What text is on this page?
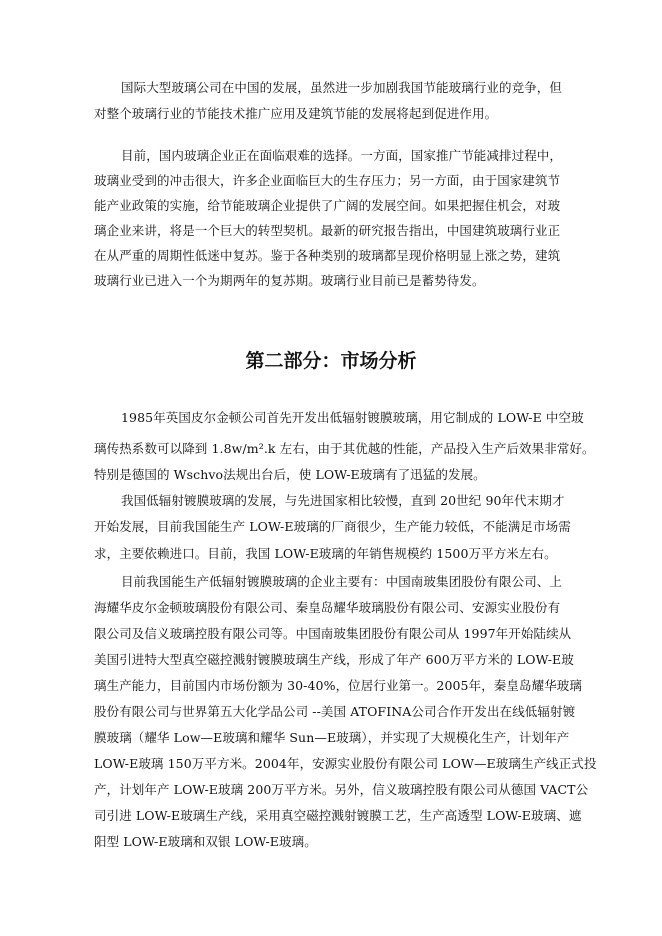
国际大型玻璃公司在中国的发展，虽然进一步加剧我国节能玻璃行业的竞争，但
对整个玻璃行业的节能技术推广应用及建筑节能的发展将起到促进作用。
目前，国内玻璃企业正在面临艰难的选择。一方面，国家推广节能减排过程中，
玻璃业受到的冲击很大，许多企业面临巨大的生存压力；另一方面，由于国家建筑节
能产业政策的实施，给节能玻璃企业提供了广阔的发展空间。如果把握住机会，对玻
璃企业来讲，将是一个巨大的转型契机。最新的研究报告指出，中国建筑玻璃行业正
在从严重的周期性低迷中复苏。鉴于各种类别的玻璃都呈现价格明显上涨之势，建筑
玻璃行业已进入一个为期两年的复苏期。玻璃行业目前已是蓄势待发。
第二部分：市场分析
1985年英国皮尔金顿公司首先开发出低辐射镀膜玻璃，用它制成的 LOW-E 中空玻
璃传热系数可以降到 1.8w/m².k 左右，由于其优越的性能，产品投入生产后效果非常好。
特别是德国的 Wschvo法规出台后，使 LOW-E玻璃有了迅猛的发展。
我国低辐射镀膜玻璃的发展，与先进国家相比较慢，直到 20世纪 90年代末期才
开始发展，目前我国能生产 LOW-E玻璃的厂商很少，生产能力较低，不能满足市场需
求，主要依赖进口。目前，我国 LOW-E玻璃的年销售规模约 1500万平方米左右。
目前我国能生产低辐射镀膜玻璃的企业主要有：中国南玻集团股份有限公司、上
海耀华皮尔金顿玻璃股份有限公司、秦皇岛耀华玻璃股份有限公司、安源实业股份有
限公司及信义玻璃控股有限公司等。中国南玻集团股份有限公司从 1997年开始陆续从
美国引进特大型真空磁控溅射镀膜玻璃生产线，形成了年产 600万平方米的 LOW-E玻
璃生产能力，目前国内市场份额为 30-40%，位居行业第一。2005年，秦皇岛耀华玻璃
股份有限公司与世界第五大化学品公司 --美国 ATOFINA公司合作开发出在线低辐射镀
膜玻璃（耀华 Low—E玻璃和耀华 Sun—E玻璃），并实现了大规模化生产，计划年产
LOW-E玻璃 150万平方米。2004年，安源实业股份有限公司 LOW—E玻璃生产线正式投
产，计划年产 LOW-E玻璃 200万平方米。另外，信义玻璃控股有限公司从德国 VACT公
司引进 LOW-E玻璃生产线，采用真空磁控溅射镀膜工艺，生产高透型 LOW-E玻璃、遮
阳型 LOW-E玻璃和双银 LOW-E玻璃。
